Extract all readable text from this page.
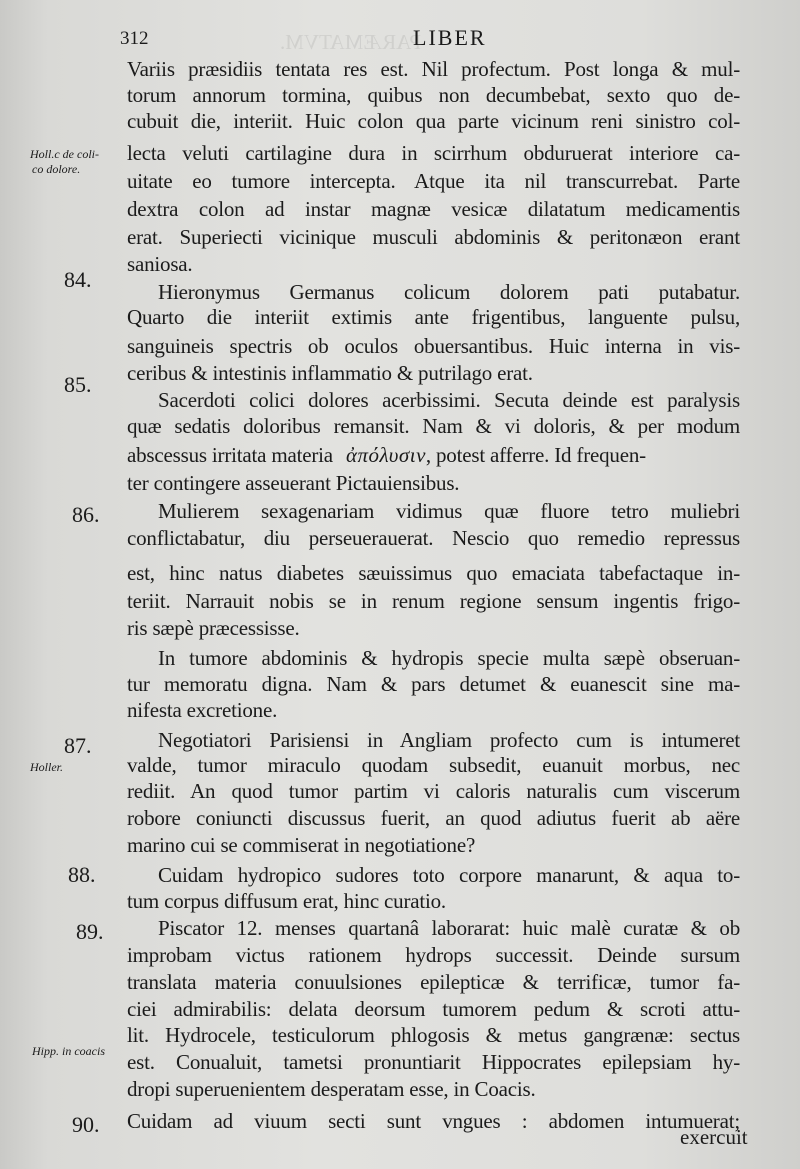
PARÆMATVM.
312	LIBER
Holl.c de coli-
co dolore.
Holler.
Hipp. in coacis
84.
85.
86.
87.
88.
89.
90.
Variis præsidiis tentata res est. Nil profectum. Post longa & mul-
torum annorum tormina, quibus non decumbebat, sexto quo de-
cubuit die, interiit. Huic colon qua parte vicinum reni sinistro col-
lecta veluti cartilagine dura in scirrhum obduruerat interiore ca-
uitate eo tumore intercepta. Atque ita nil transcurrebat. Parte
dextra colon ad instar magnæ vesicæ dilatatum medicamentis
erat. Superiecti vicinique musculi abdominis & peritonæon erant
saniosa.
Hieronymus Germanus colicum dolorem pati putabatur.
Quarto die interiit extimis ante frigentibus, languente pulsu,
sanguineis spectris ob oculos obuersantibus. Huic interna in vis-
ceribus & intestinis inflammatio & putrilago erat.
Sacerdoti colici dolores acerbissimi. Secuta deinde est paralysis
quæ sedatis doloribus remansit. Nam & vi doloris, & per modum
abscessus irritata materia ἀπόλυσιν, potest afferre. Id frequen-
ter contingere asseuerant Pictauiensibus.
Mulierem sexagenariam vidimus quæ fluore tetro muliebri
conflictabatur, diu perseuerauerat. Nescio quo remedio repressus
est, hinc natus diabetes sæuissimus quo emaciata tabefactaque in-
teriit. Narrauit nobis se in renum regione sensum ingentis frigo-
ris sæpè præcessisse.
In tumore abdominis & hydropis specie multa sæpè obseruan-
tur memoratu digna. Nam & pars detumet & euanescit sine ma-
nifesta excretione.
Negotiatori Parisiensi in Angliam profecto cum is intumeret
valde, tumor miraculo quodam subsedit, euanuit morbus, nec
rediit. An quod tumor partim vi caloris naturalis cum viscerum
robore coniuncti discussus fuerit, an quod adiutus fuerit ab aëre
marino cui se commiserat in negotiatione?
Cuidam hydropico sudores toto corpore manarunt, & aqua to-
tum corpus diffusum erat, hinc curatio.
Piscator 12. menses quartanâ laborarat: huic malè curatæ & ob
improbam victus rationem hydrops successit. Deinde sursum
translata materia conuulsiones epilepticæ & terrificæ, tumor fa-
ciei admirabilis: delata deorsum tumorem pedum & scroti attu-
lit. Hydrocele, testiculorum phlogosis & metus gangrænæ: sectus
est. Conualuit, tametsi pronuntiarit Hippocrates epilepsiam hy-
dropi superuenientem desperatam esse, in Coacis.
Cuidam ad viuum secti sunt vngues : abdomen intumuerat;
exercuit
